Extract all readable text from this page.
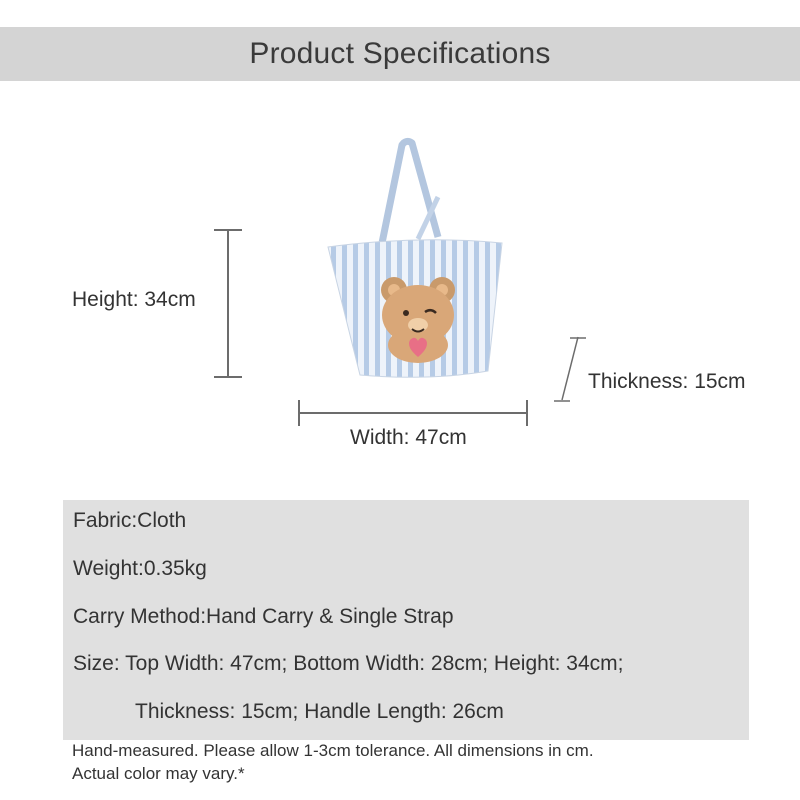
Product Specifications
Height: 34cm
Width: 47cm
Thickness: 15cm
Fabric:Cloth
Weight:0.35kg
Carry Method:Hand Carry & Single Strap
Size: Top Width: 47cm; Bottom Width: 28cm; Height: 34cm;
Thickness: 15cm; Handle Length: 26cm
Hand-measured. Please allow 1-3cm tolerance. All dimensions in cm.
Actual color may vary.*
